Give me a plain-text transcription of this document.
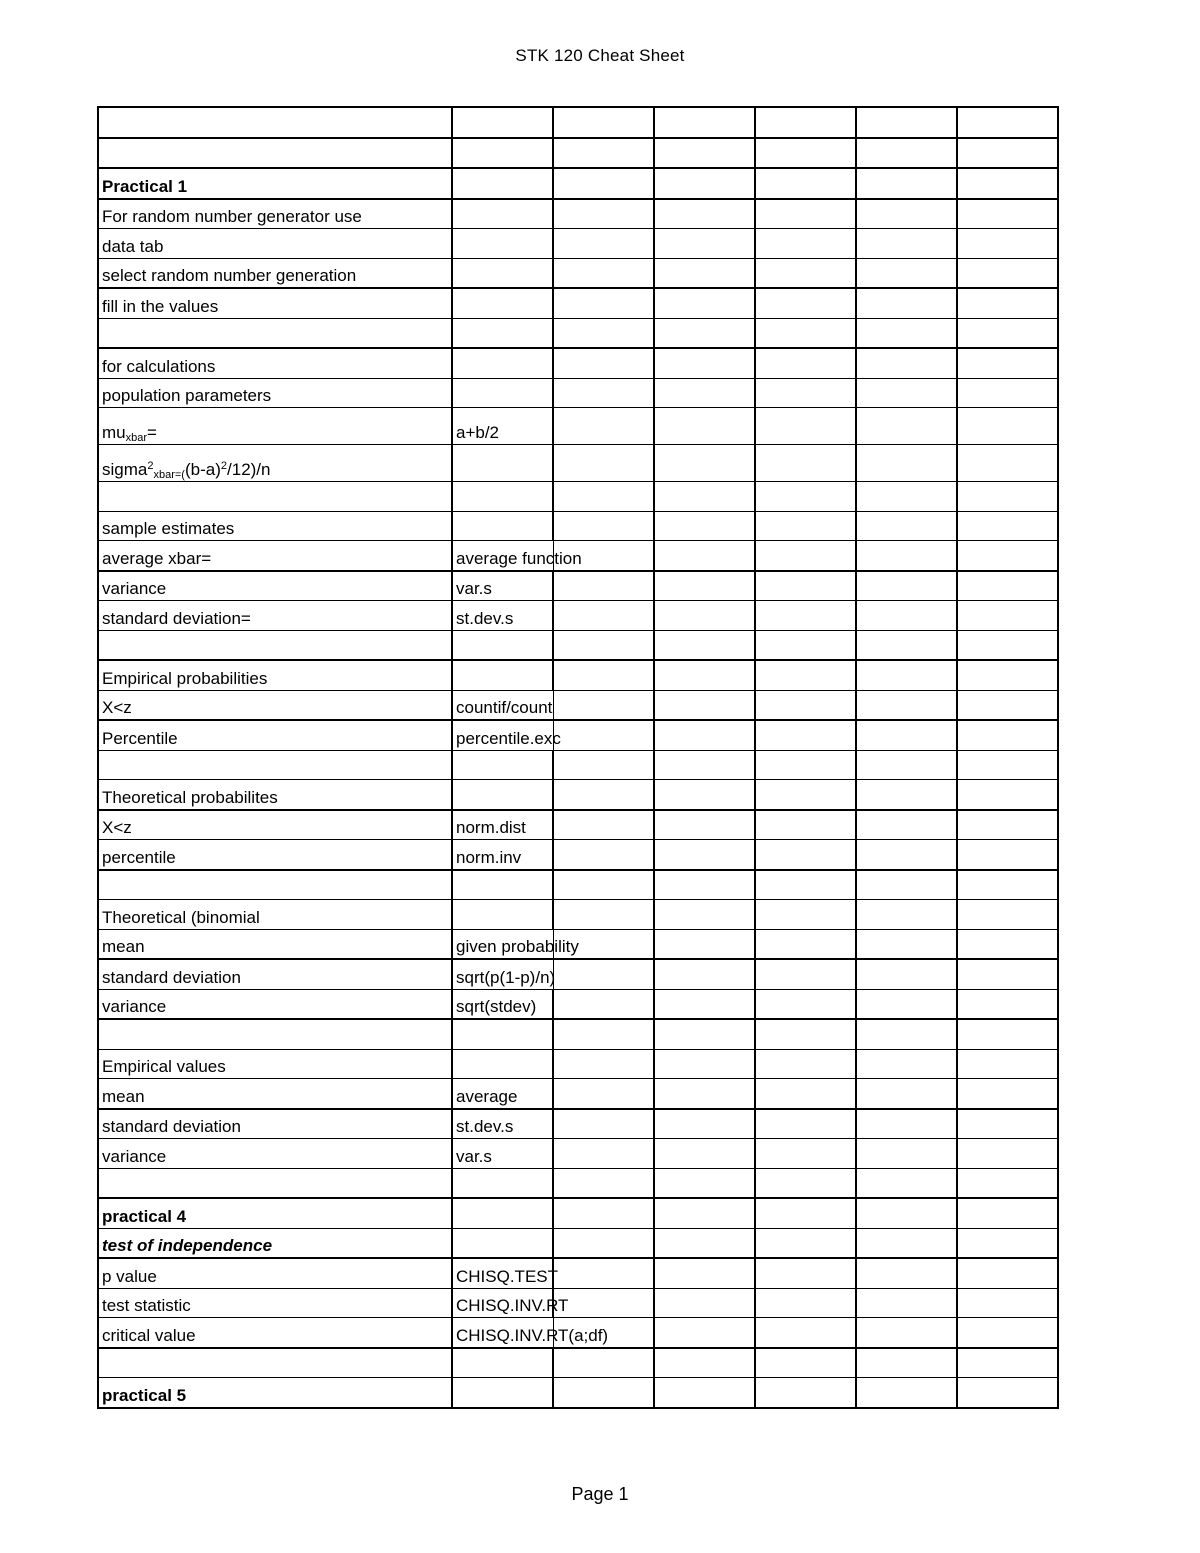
STK 120 Cheat Sheet

Practical 1						
For random number generator use						
data tab						
select random number generation						
fill in the values						

for calculations						
population parameters						
$mu_{xbar}=$	a+b/2					
$sigma^2_{xbar=(}(b-a)^2/12)/n$						

sample estimates						
average xbar=	average function					
variance	var.s					
standard deviation=	st.dev.s					

Empirical probabilities						
X<z	countif/count					
Percentile	percentile.exc					

Theoretical probabilites						
X<z	norm.dist					
percentile	norm.inv					

Theoretical (binomial						
mean	given probability					
standard deviation	sqrt(p(1-p)/n)					
variance	sqrt(stdev)					

Empirical values						
mean	average					
standard deviation	st.dev.s					
variance	var.s					

practical 4						
test of independence						
p value	CHISQ.TEST					
test statistic	CHISQ.INV.RT					
critical value	CHISQ.INV.RT(a;df)					

practical 5						
Page 1
